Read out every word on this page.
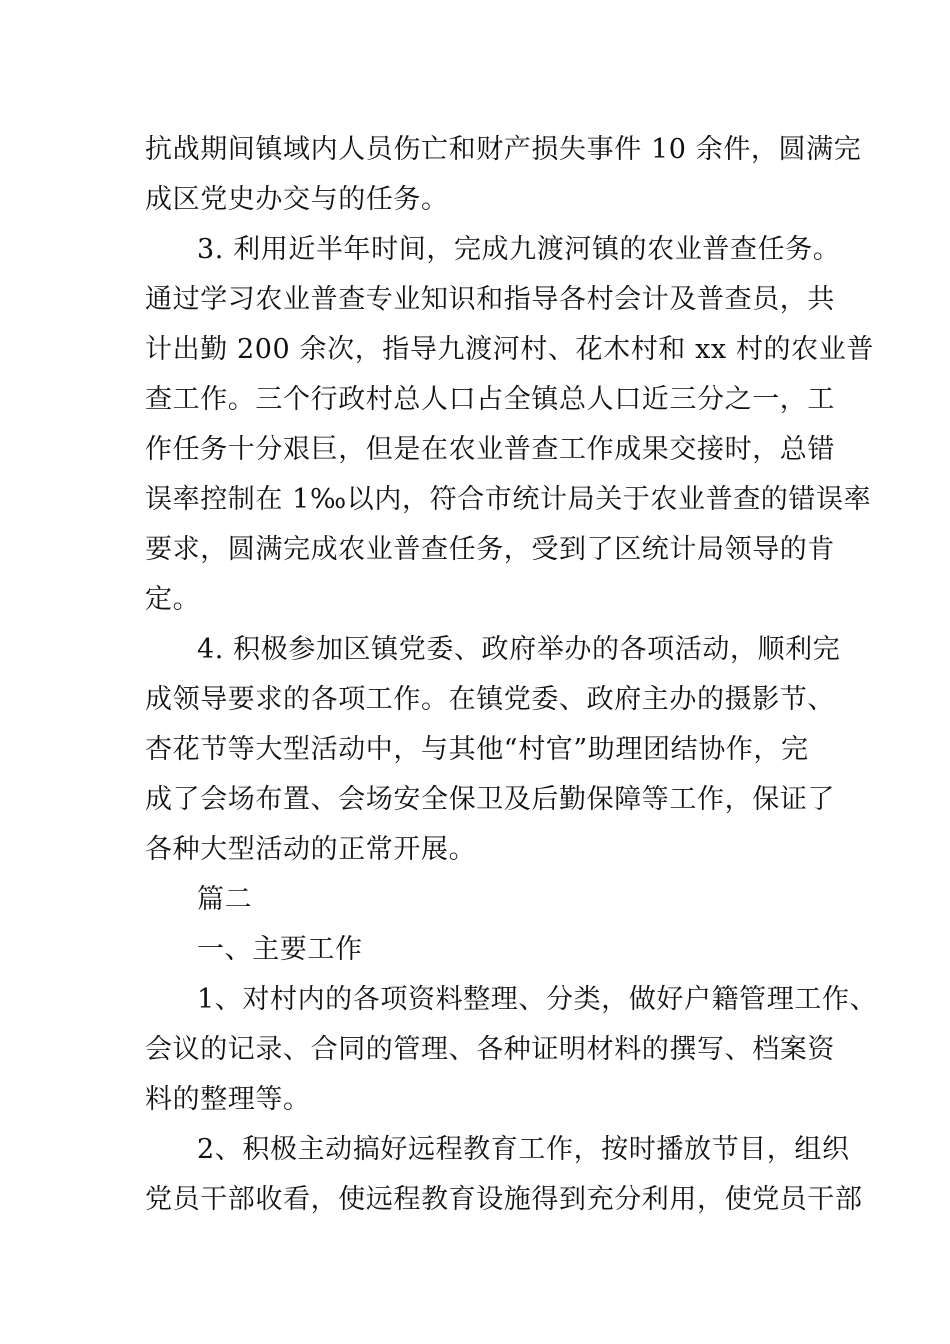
抗战期间镇域内人员伤亡和财产损失事件 10 余件，圆满完
成区党史办交与的任务。
3. 利用近半年时间，完成九渡河镇的农业普查任务。
通过学习农业普查专业知识和指导各村会计及普查员，共
计出勤 200 余次，指导九渡河村、花木村和 xx 村的农业普
查工作。三个行政村总人口占全镇总人口近三分之一，工
作任务十分艰巨，但是在农业普查工作成果交接时，总错
误率控制在 1‰以内，符合市统计局关于农业普查的错误率
要求，圆满完成农业普查任务，受到了区统计局领导的肯
定。
4. 积极参加区镇党委、政府举办的各项活动，顺利完
成领导要求的各项工作。在镇党委、政府主办的摄影节、
杏花节等大型活动中，与其他“村官”助理团结协作，完
成了会场布置、会场安全保卫及后勤保障等工作，保证了
各种大型活动的正常开展。
篇二
一、主要工作
1、对村内的各项资料整理、分类，做好户籍管理工作、
会议的记录、合同的管理、各种证明材料的撰写、档案资
料的整理等。
2、积极主动搞好远程教育工作，按时播放节目，组织
党员干部收看，使远程教育设施得到充分利用，使党员干部
